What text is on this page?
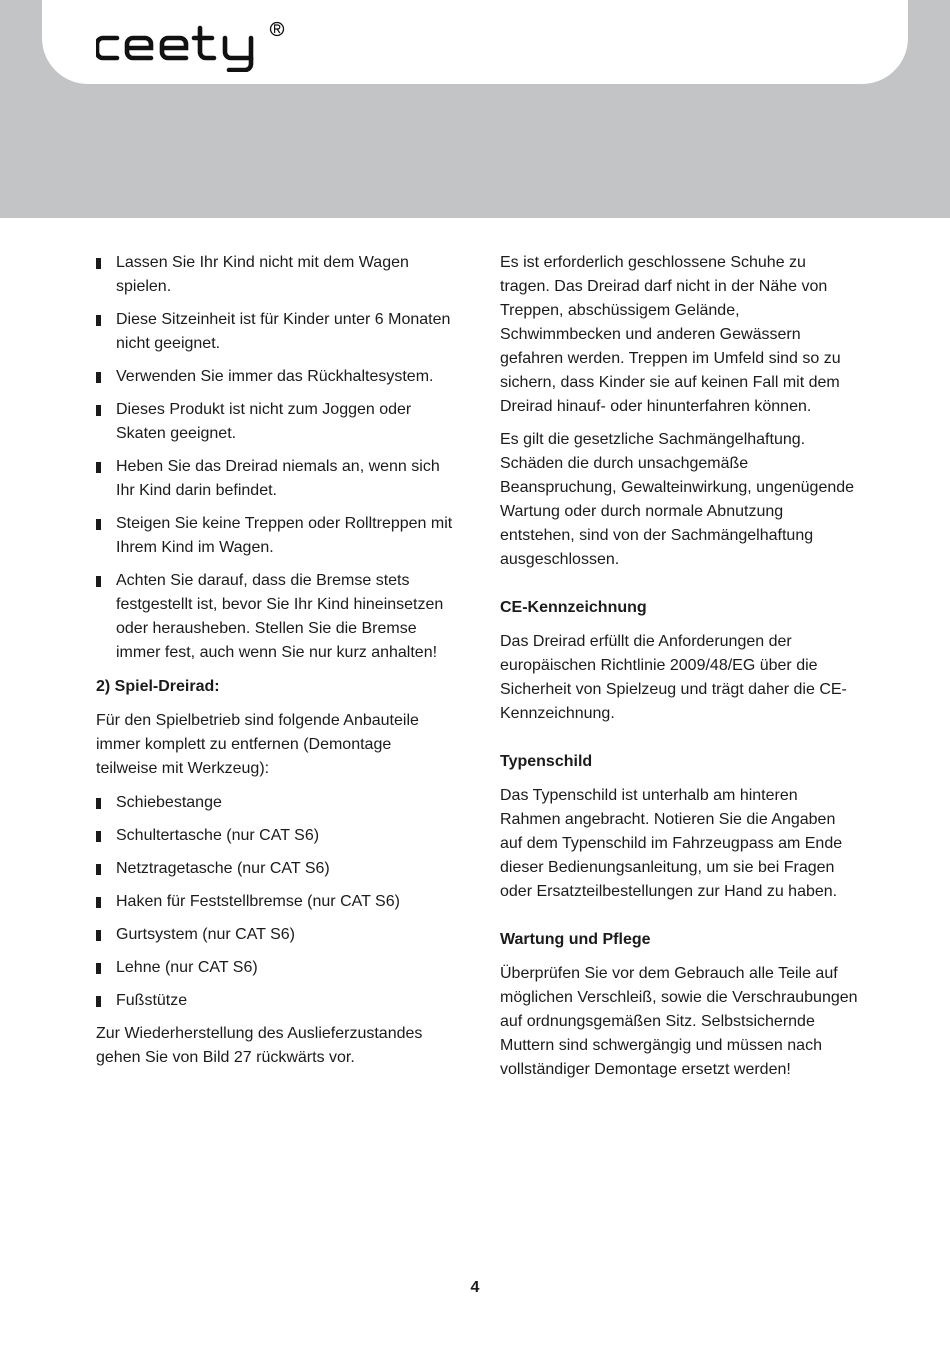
Lassen Sie Ihr Kind nicht mit dem Wagen spielen.
Diese Sitzeinheit ist für Kinder unter 6 Monaten nicht geeignet.
Verwenden Sie immer das Rückhaltesystem.
Dieses Produkt ist nicht zum Joggen oder Skaten geeignet.
Heben Sie das Dreirad niemals an, wenn sich Ihr Kind darin befindet.
Steigen Sie keine Treppen oder Rolltreppen mit Ihrem Kind im Wagen.
Achten Sie darauf, dass die Bremse stets festgestellt ist, bevor Sie Ihr Kind hineinsetzen oder herausheben. Stellen Sie die Bremse immer fest, auch wenn Sie nur kurz anhalten!

2) Spiel-Dreirad:

Für den Spielbetrieb sind folgende Anbauteile immer komplett zu entfernen (Demontage teilweise mit Werkzeug):

Schiebestange
Schultertasche (nur CAT S6)
Netztragetasche (nur CAT S6)
Haken für Feststellbremse (nur CAT S6)
Gurtsystem (nur CAT S6)
Lehne (nur CAT S6)
Fußstütze

Zur Wiederherstellung des Auslieferzustandes gehen Sie von Bild 27 rückwärts vor.

Es ist erforderlich geschlossene Schuhe zu tragen. Das Dreirad darf nicht in der Nähe von Treppen, abschüssigem Gelände, Schwimmbecken und anderen Gewässern gefahren werden. Treppen im Umfeld sind so zu sichern, dass Kinder sie auf keinen Fall mit dem Dreirad hinauf- oder hinunterfahren können.

Es gilt die gesetzliche Sachmängelhaftung. Schäden die durch unsachgemäße Beanspruchung, Gewalteinwirkung, ungenügende Wartung oder durch normale Abnutzung entstehen, sind von der Sachmängelhaftung ausgeschlossen.

CE-Kennzeichnung

Das Dreirad erfüllt die Anforderungen der europäischen Richtlinie 2009/48/EG über die Sicherheit von Spielzeug und trägt daher die CE-Kennzeichnung.

Typenschild

Das Typenschild ist unterhalb am hinteren Rahmen angebracht. Notieren Sie die Angaben auf dem Typenschild im Fahrzeugpass am Ende dieser Bedienungsanleitung, um sie bei Fragen oder Ersatzteilbestellungen zur Hand zu haben.

Wartung und Pflege

Überprüfen Sie vor dem Gebrauch alle Teile auf möglichen Verschleiß, sowie die Verschraubungen auf ordnungsgemäßen Sitz. Selbstsichernde Muttern sind schwergängig und müssen nach vollständiger Demontage ersetzt werden!

4
